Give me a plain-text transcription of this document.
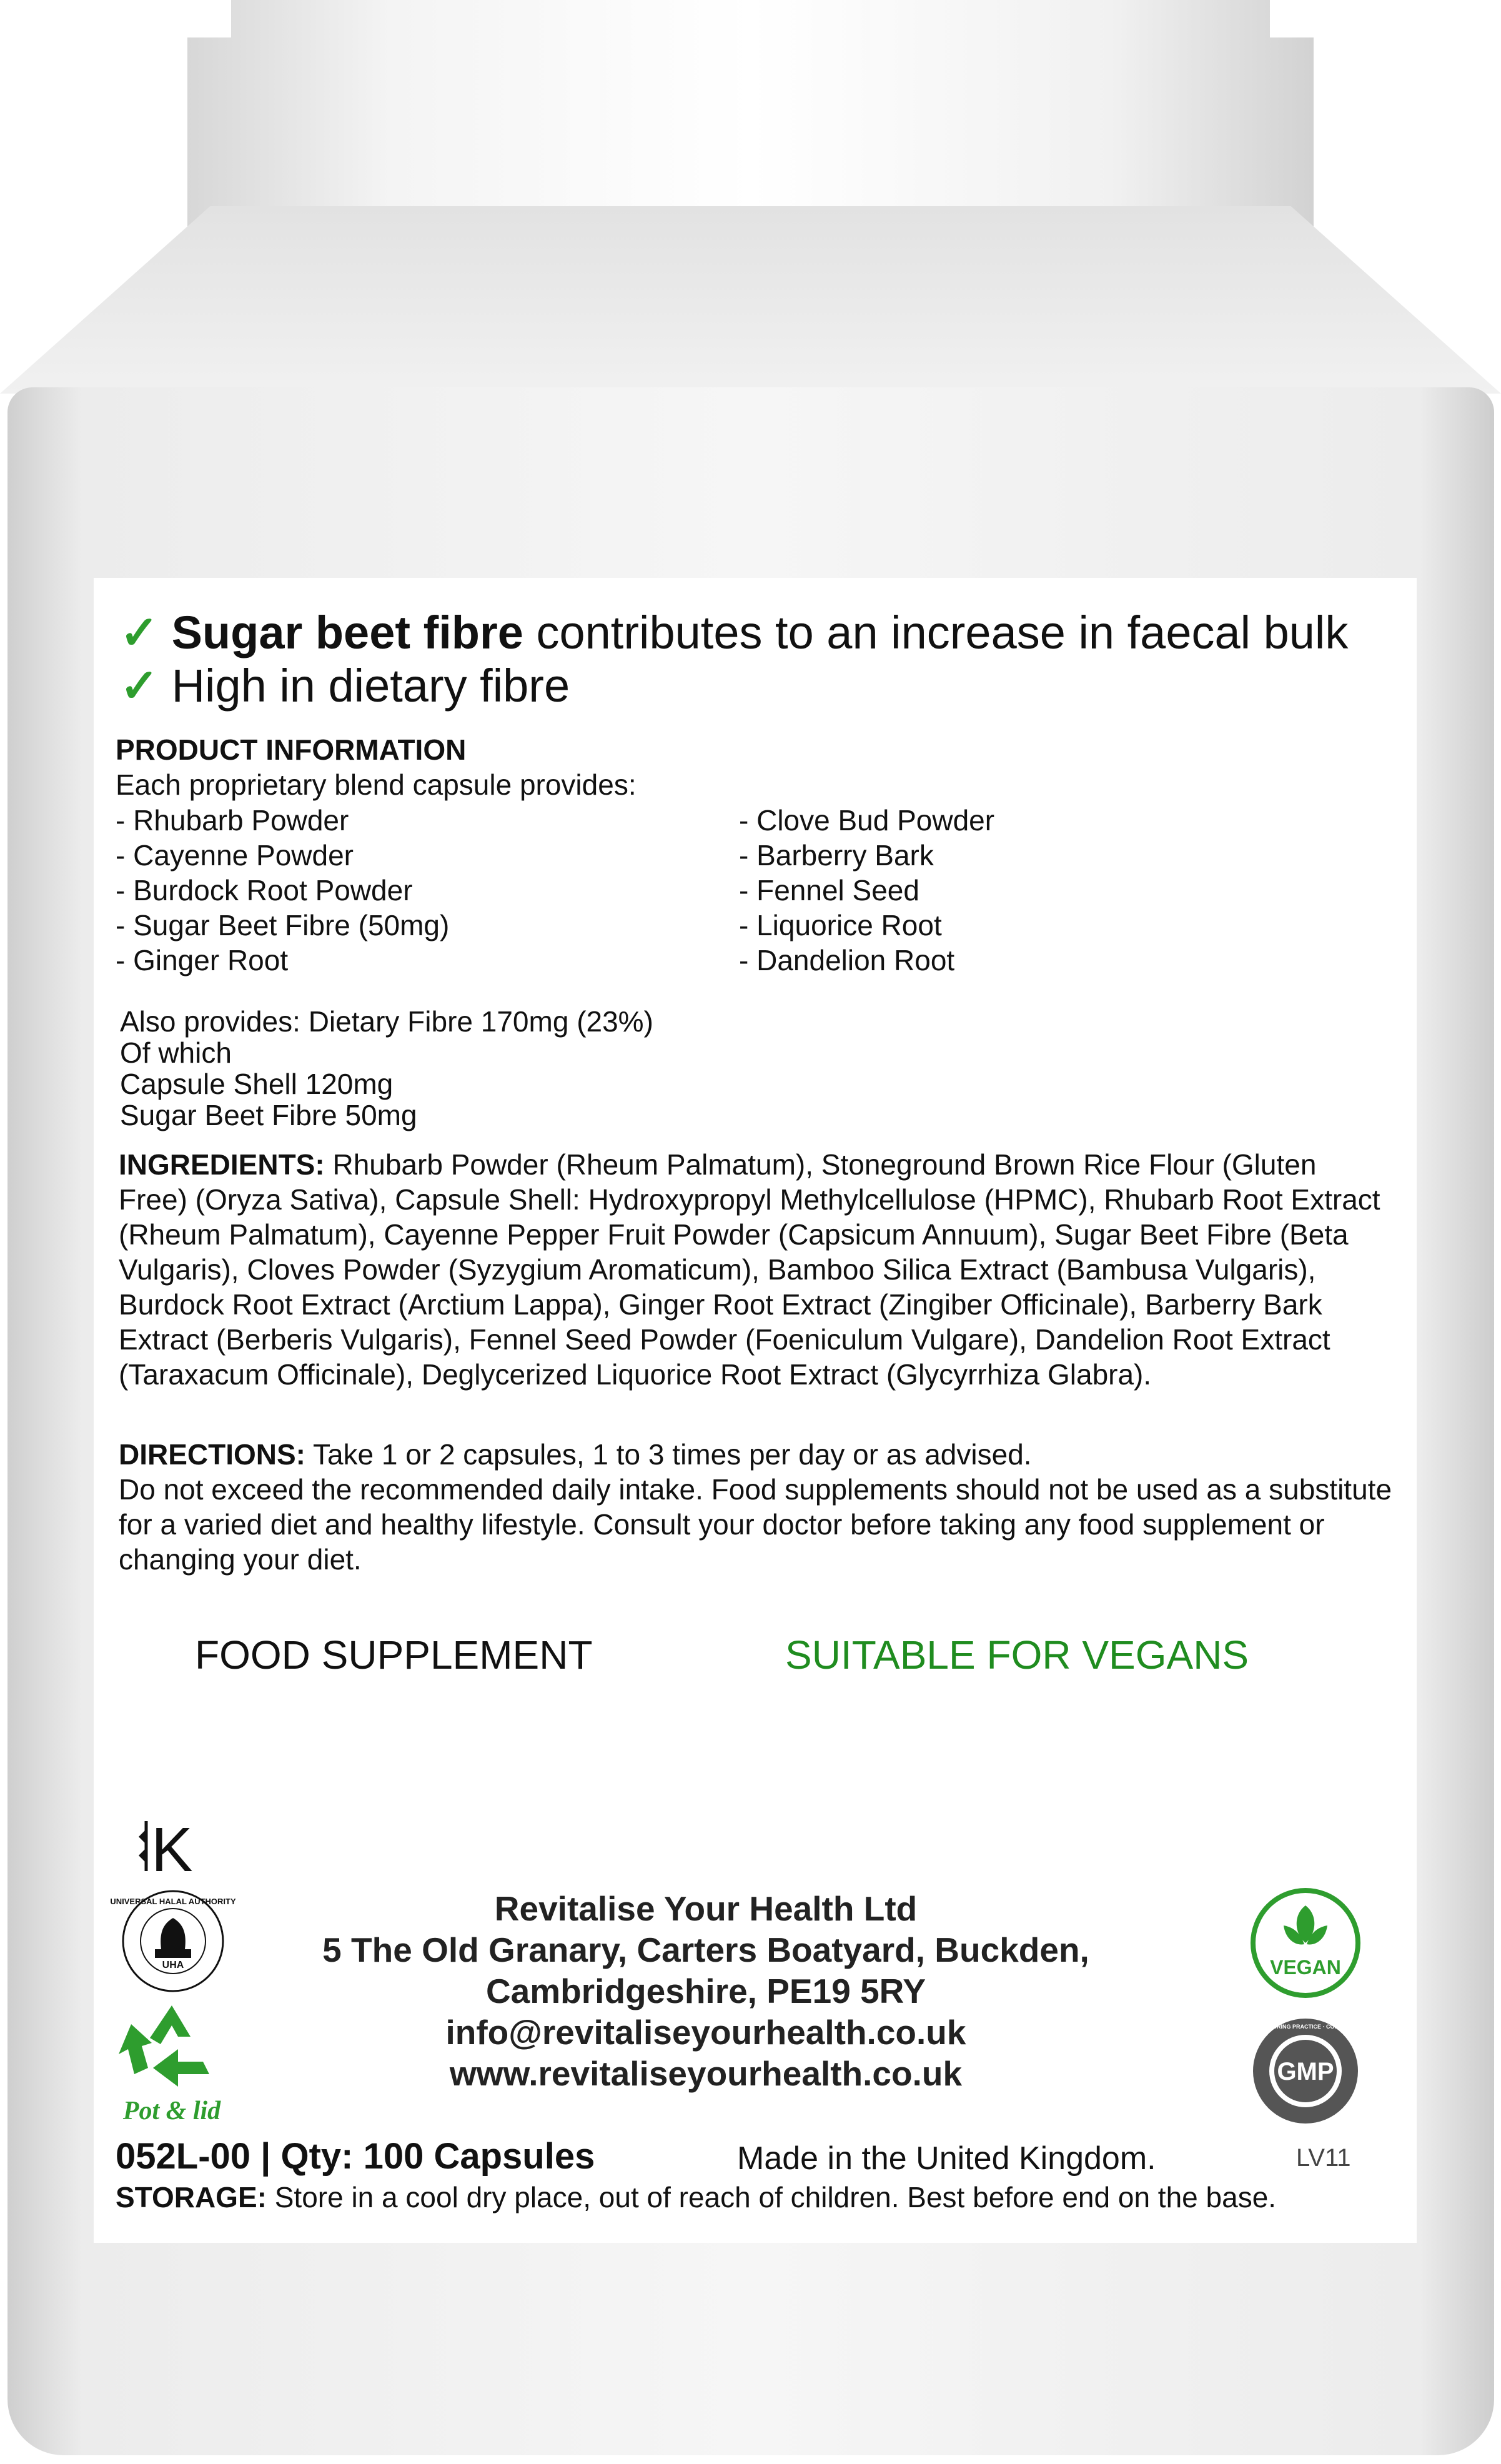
✓ Sugar beet fibre contributes to an increase in faecal bulk
✓ High in dietary fibre
PRODUCT INFORMATION
Each proprietary blend capsule provides:
- Rhubarb Powder
- Cayenne Powder
- Burdock Root Powder
- Sugar Beet Fibre (50mg)
- Ginger Root
- Clove Bud Powder
- Barberry Bark
- Fennel Seed
- Liquorice Root
- Dandelion Root
Also provides: Dietary Fibre 170mg (23%)
Of which
Capsule Shell 120mg
Sugar Beet Fibre 50mg
INGREDIENTS: Rhubarb Powder (Rheum Palmatum), Stoneground Brown Rice Flour (Gluten Free) (Oryza Sativa), Capsule Shell: Hydroxypropyl Methylcellulose (HPMC), Rhubarb Root Extract (Rheum Palmatum), Cayenne Pepper Fruit Powder (Capsicum Annuum), Sugar Beet Fibre (Beta Vulgaris), Cloves Powder (Syzygium Aromaticum), Bamboo Silica Extract (Bambusa Vulgaris), Burdock Root Extract (Arctium Lappa), Ginger Root Extract (Zingiber Officinale), Barberry Bark Extract (Berberis Vulgaris), Fennel Seed Powder (Foeniculum Vulgare), Dandelion Root Extract (Taraxacum Officinale), Deglycerized Liquorice Root Extract (Glycyrrhiza Glabra).
DIRECTIONS: Take 1 or 2 capsules, 1 to 3 times per day or as advised.
Do not exceed the recommended daily intake. Food supplements should not be used as a substitute for a varied diet and healthy lifestyle. Consult your doctor before taking any food supplement or changing your diet.
FOOD SUPPLEMENT	SUITABLE FOR VEGANS
K
UHA
UNIVERSAL HALAL AUTHORITY
Pot & lid
Revitalise Your Health Ltd
5 The Old Granary, Carters Boatyard, Buckden,
Cambridgeshire, PE19 5RY
info@revitaliseyourhealth.co.uk
www.revitaliseyourhealth.co.uk
VEGAN
GMP
GOOD MANUFACTURING PRACTICE · CONSISTENT QUALITY
052L-00 | Qty: 100 Capsules	Made in the United Kingdom.	LV11
STORAGE: Store in a cool dry place, out of reach of children. Best before end on the base.
